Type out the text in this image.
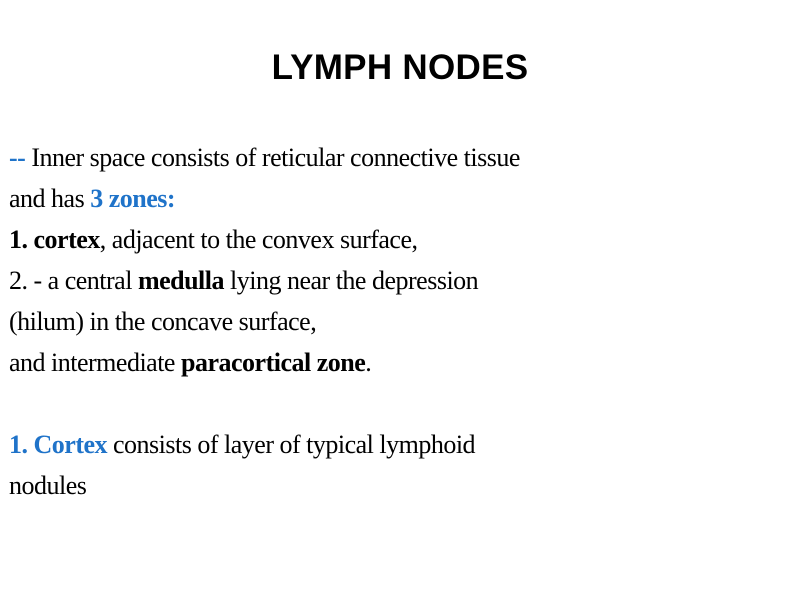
LYMPH NODES
-- Inner space consists of reticular connective tissue
and has 3 zones:
1. cortex, adjacent to the convex surface,
2. - a central medulla lying near the depression
(hilum) in the concave surface,
and intermediate paracortical zone.
1. Cortex consists of layer of typical lymphoid
nodules
